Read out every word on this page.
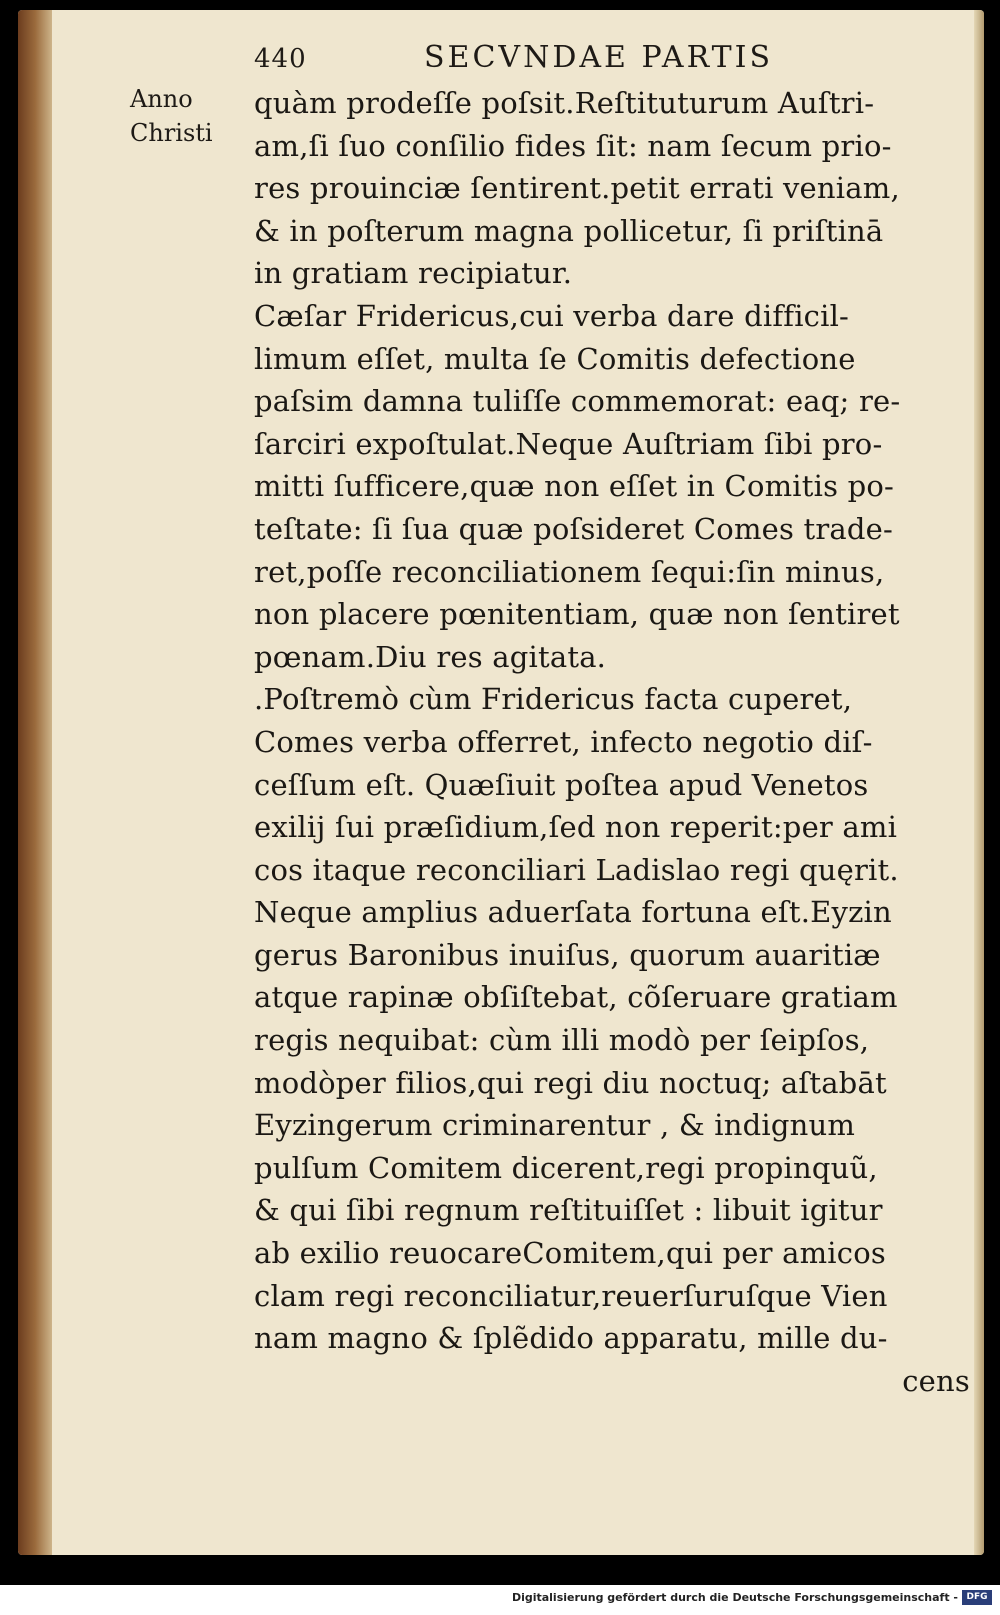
440	SECVNDAE PARTIS
Anno
Christi
quàm prodeſſe poſsit.Reſtituturum Auſtri-
am,ſi ſuo conſilio fides ſit: nam ſecum prio-
res prouinciæ ſentirent.petit errati veniam,
& in poſterum magna pollicetur, ſi priſtinā
in gratiam recipiatur.
Cæſar Fridericus,cui verba dare difficil-
limum eſſet, multa ſe Comitis defectione
paſsim damna tuliſſe commemorat: eaq; re-
ſarciri expoſtulat.Neque Auſtriam ſibi pro-
mitti ſufficere,quæ non eſſet in Comitis po-
teſtate: ſi ſua quæ poſsideret Comes trade-
ret,poſſe reconciliationem ſequi:ſin minus,
non placere pœnitentiam, quæ non ſentiret
pœnam.Diu res agitata.
.Poſtremò cùm Fridericus facta cuperet,
Comes verba offerret, infecto negotio diſ-
ceſſum eſt. Quæſiuit poſtea apud Venetos
exilij ſui præſidium,ſed non reperit:per ami
cos itaque reconciliari Ladislao regi quęrit.
Neque amplius aduerſata fortuna eſt.Eyzin
gerus Baronibus inuiſus, quorum auaritiæ
atque rapinæ obſiſtebat, cõſeruare gratiam
regis nequibat: cùm illi modò per ſeipſos,
modòper filios,qui regi diu noctuq; aſtabāt
Eyzingerum criminarentur , & indignum
pulſum Comitem dicerent,regi propinquũ,
& qui ſibi regnum reſtituiſſet : libuit igitur
ab exilio reuocareComitem,qui per amicos
clam regi reconciliatur,reuerſuruſque Vien
nam magno & ſplẽdido apparatu, mille du-
cens
Digitalisierung gefördert durch die Deutsche Forschungsgemeinschaft - DFG
